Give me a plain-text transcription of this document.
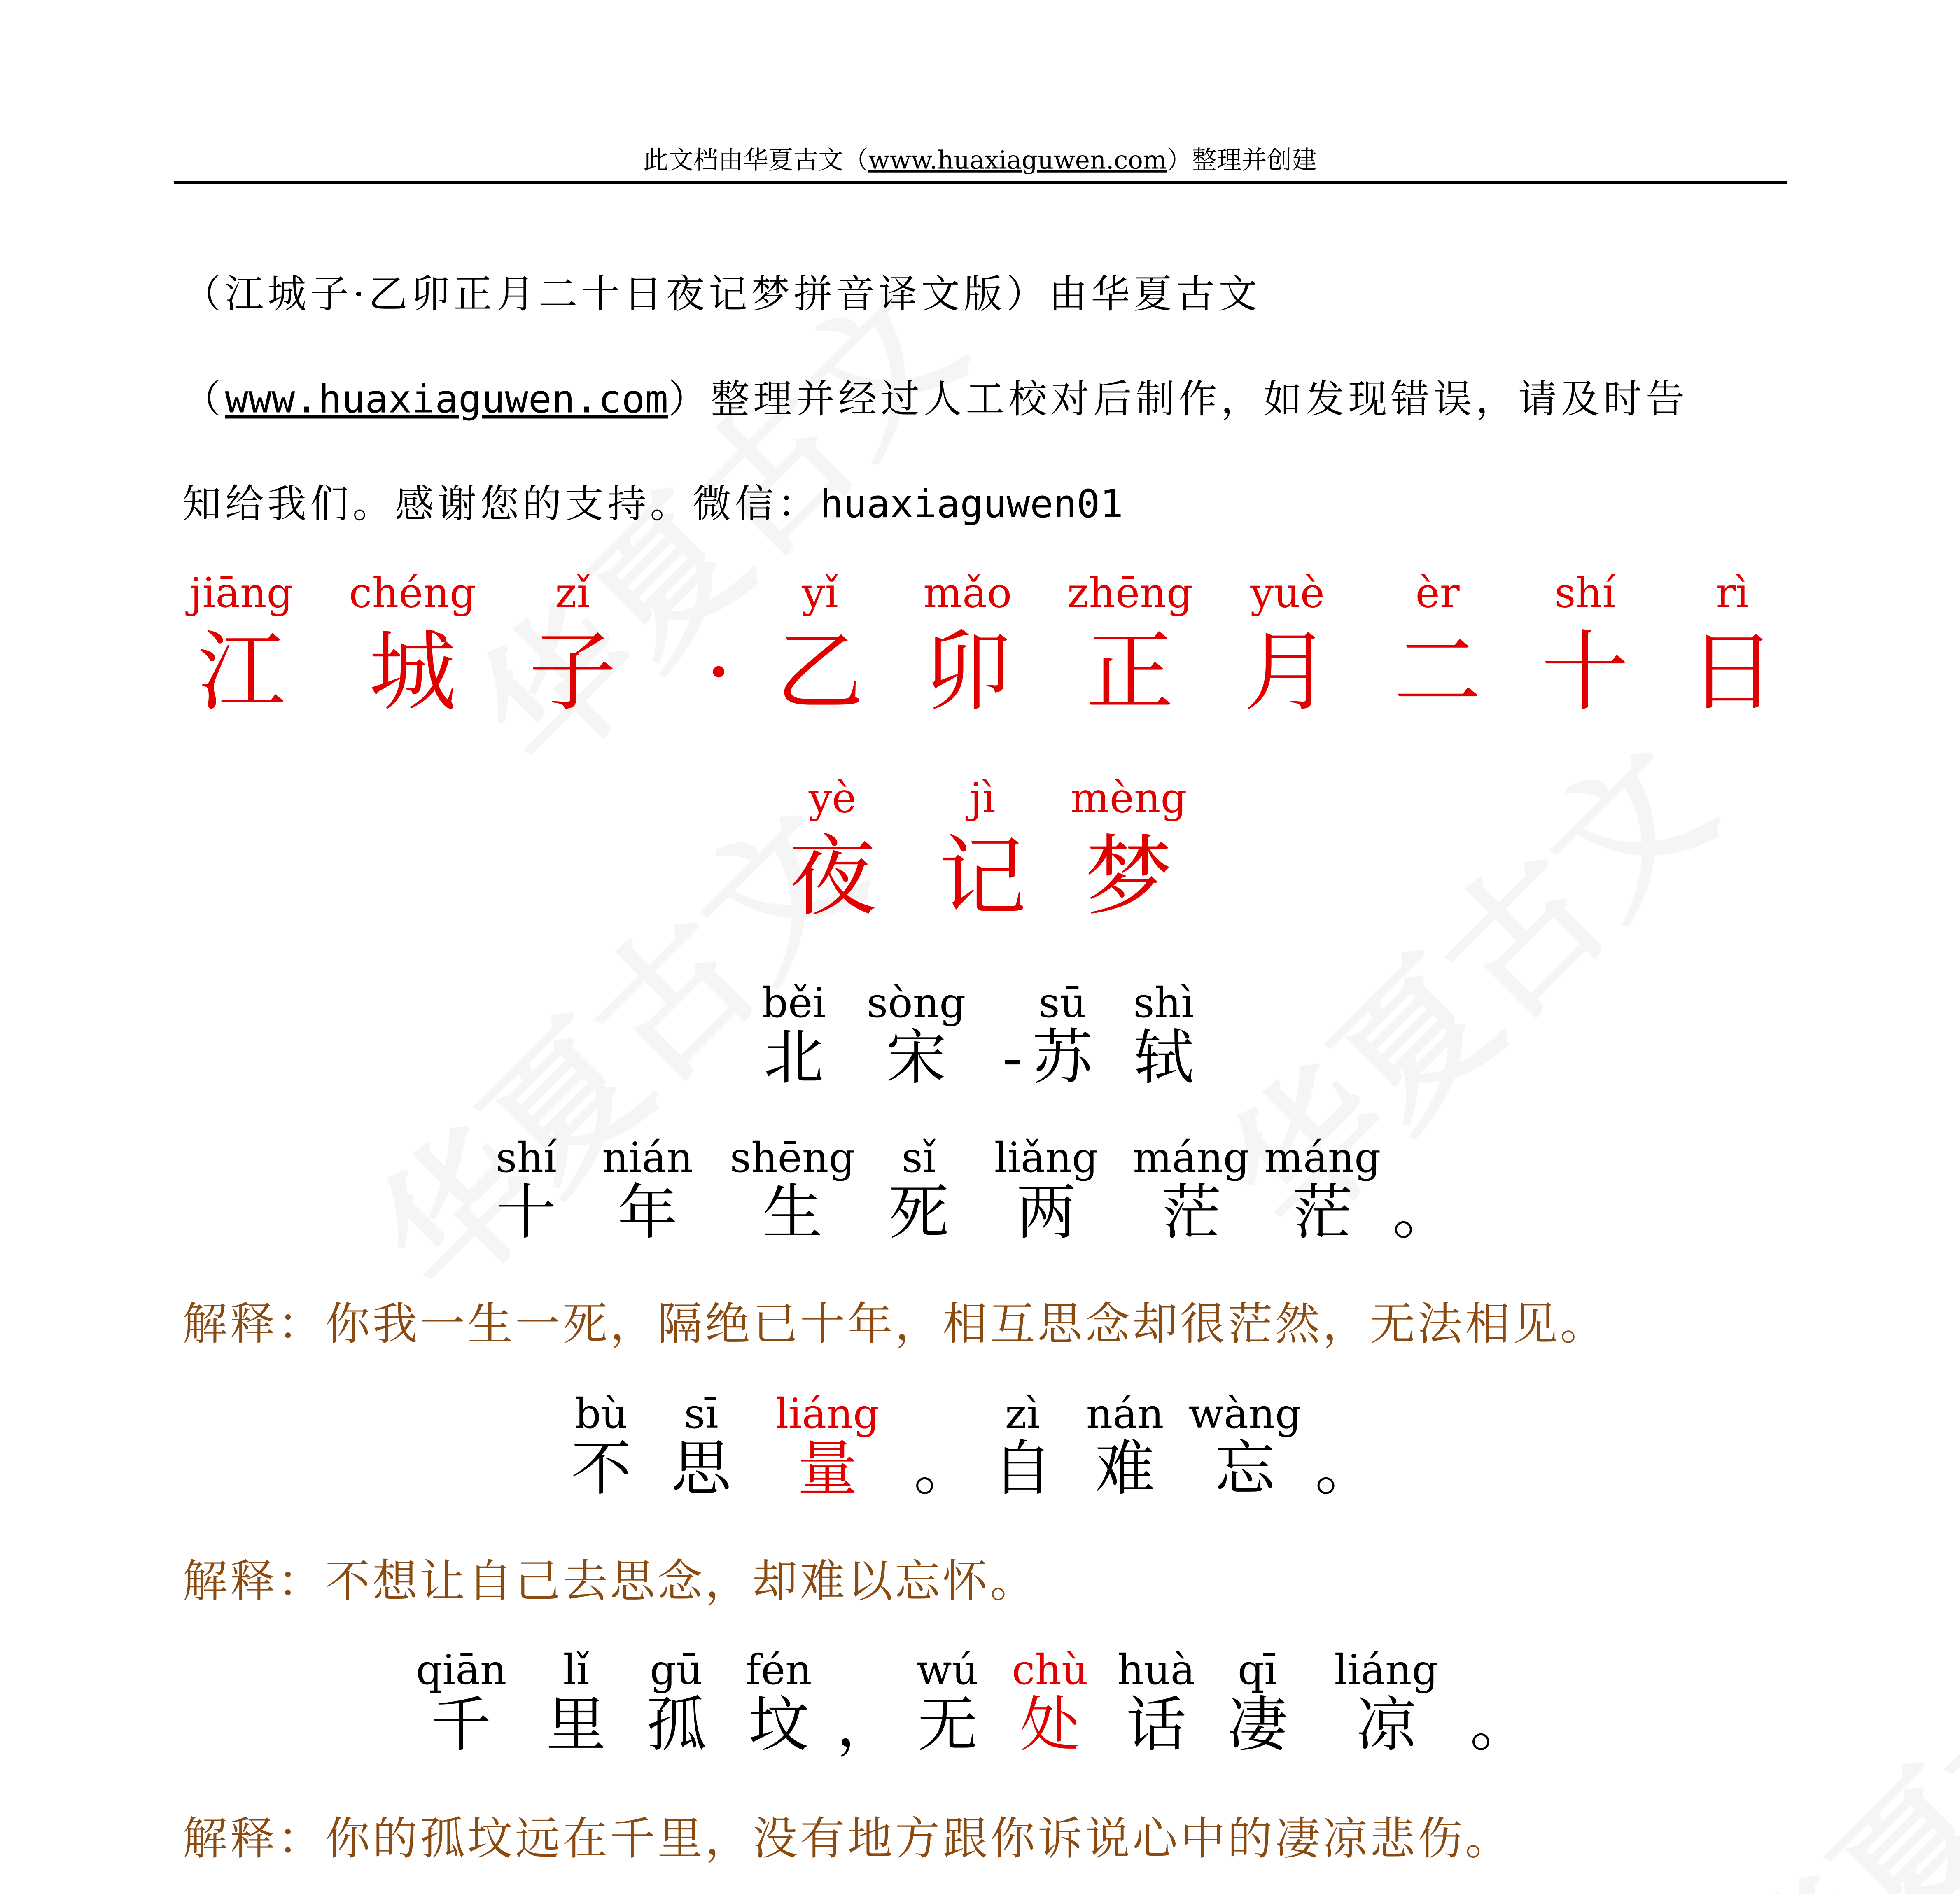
此文档由华夏古文（www.huaxiaguwen.com）整理并创建
（江城子·乙卯正月二十日夜记梦拼音译文版）由华夏古文
（www.huaxiaguwen.com）整理并经过人工校对后制作，如发现错误，请及时告
知给我们。感谢您的支持。微信：huaxiaguwen01
jiāng
江
chéng
城
zǐ
子	·
yǐ
乙
mǎo
卯
zhēng
正
yuè
月
èr
二
shí
十
rì
日
yè
夜
jì
记
mèng
梦
běi
北
sòng
宋	-
sū
苏
shì
轼
shí
十
nián
年
shēng
生
sǐ
死
liǎng
两
máng
茫
máng
茫	。
解释：你我一生一死，隔绝已十年，相互思念却很茫然，无法相见。
bù
不
sī
思
liáng
量	。
zì
自
nán
难
wàng
忘	。
解释：不想让自己去思念，却难以忘怀。
qiān
千
lǐ
里
gū
孤
fén
坟	，
wú
无
chù
处
huà
话
qī
凄
liáng
凉	。
解释：你的孤坟远在千里，没有地方跟你诉说心中的凄凉悲伤。
